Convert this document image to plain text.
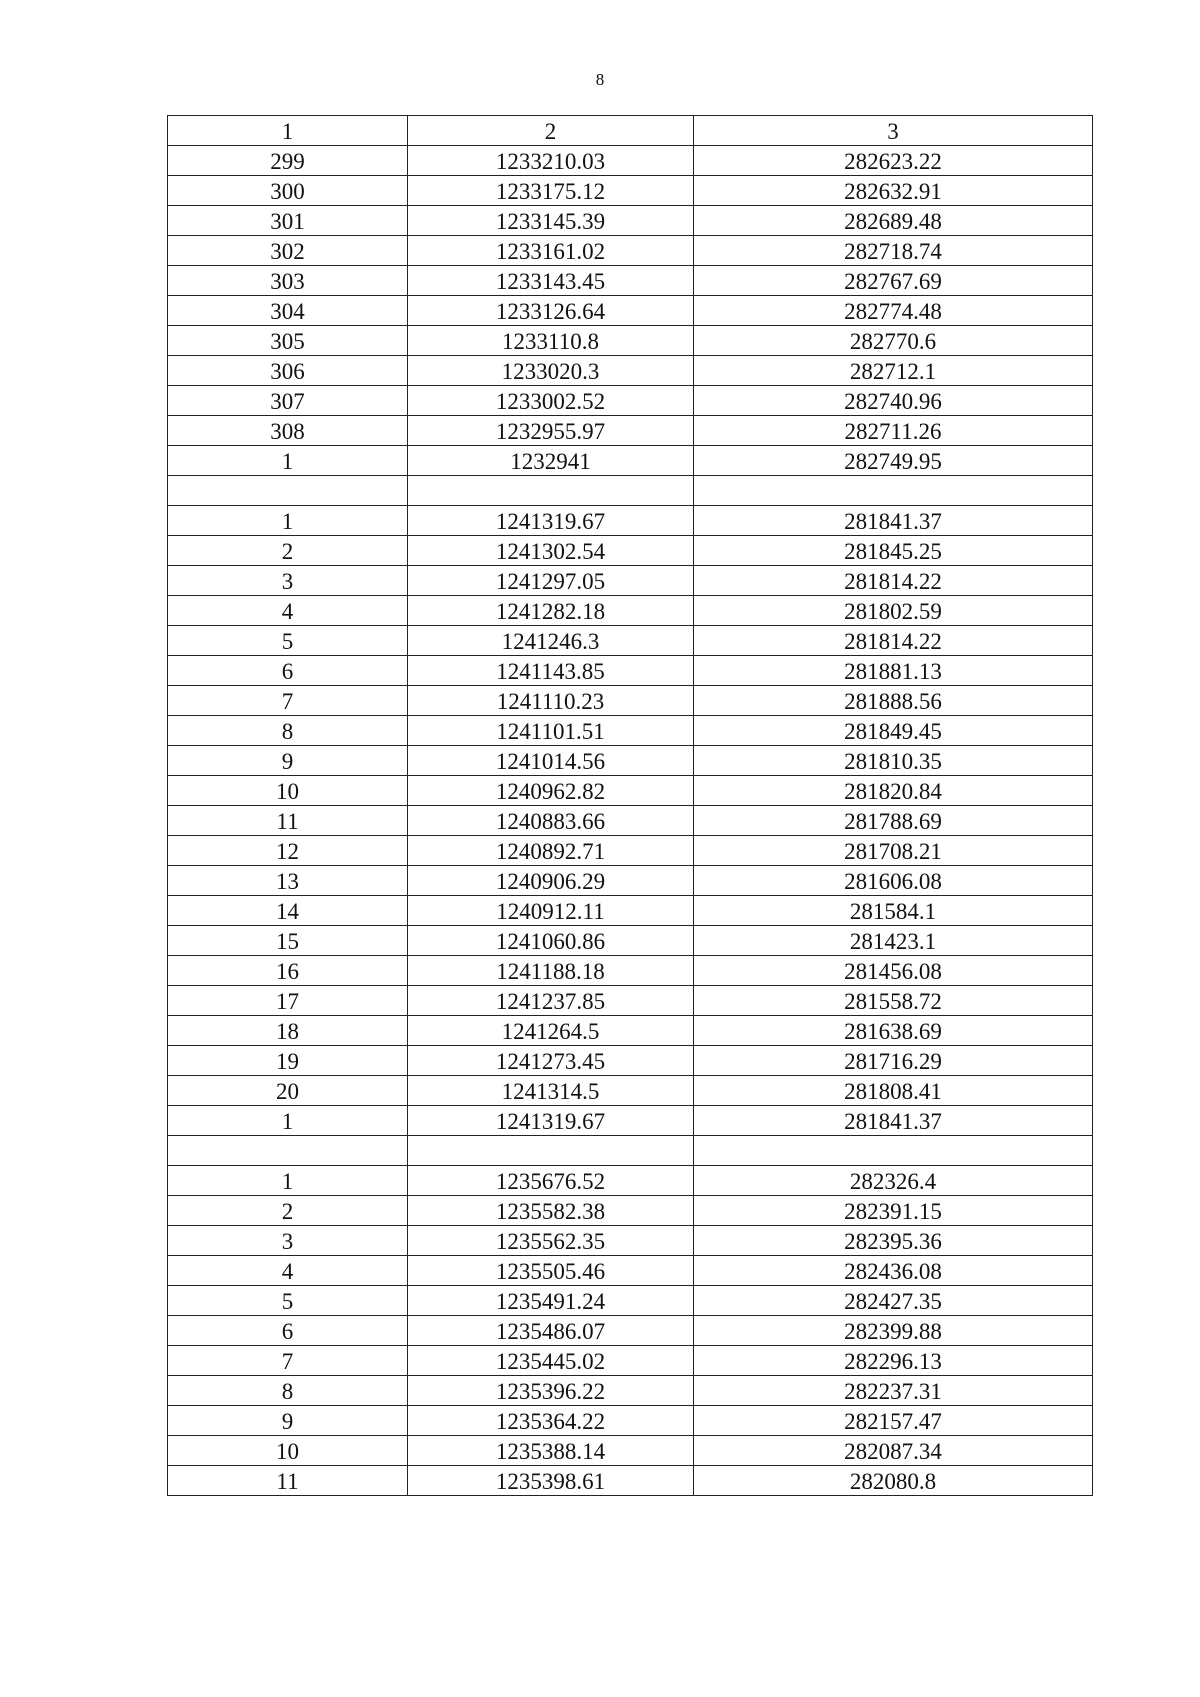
8
1	2	3
299	1233210.03	282623.22
300	1233175.12	282632.91
301	1233145.39	282689.48
302	1233161.02	282718.74
303	1233143.45	282767.69
304	1233126.64	282774.48
305	1233110.8	282770.6
306	1233020.3	282712.1
307	1233002.52	282740.96
308	1232955.97	282711.26
1	1232941	282749.95

1	1241319.67	281841.37
2	1241302.54	281845.25
3	1241297.05	281814.22
4	1241282.18	281802.59
5	1241246.3	281814.22
6	1241143.85	281881.13
7	1241110.23	281888.56
8	1241101.51	281849.45
9	1241014.56	281810.35
10	1240962.82	281820.84
11	1240883.66	281788.69
12	1240892.71	281708.21
13	1240906.29	281606.08
14	1240912.11	281584.1
15	1241060.86	281423.1
16	1241188.18	281456.08
17	1241237.85	281558.72
18	1241264.5	281638.69
19	1241273.45	281716.29
20	1241314.5	281808.41
1	1241319.67	281841.37

1	1235676.52	282326.4
2	1235582.38	282391.15
3	1235562.35	282395.36
4	1235505.46	282436.08
5	1235491.24	282427.35
6	1235486.07	282399.88
7	1235445.02	282296.13
8	1235396.22	282237.31
9	1235364.22	282157.47
10	1235388.14	282087.34
11	1235398.61	282080.8
